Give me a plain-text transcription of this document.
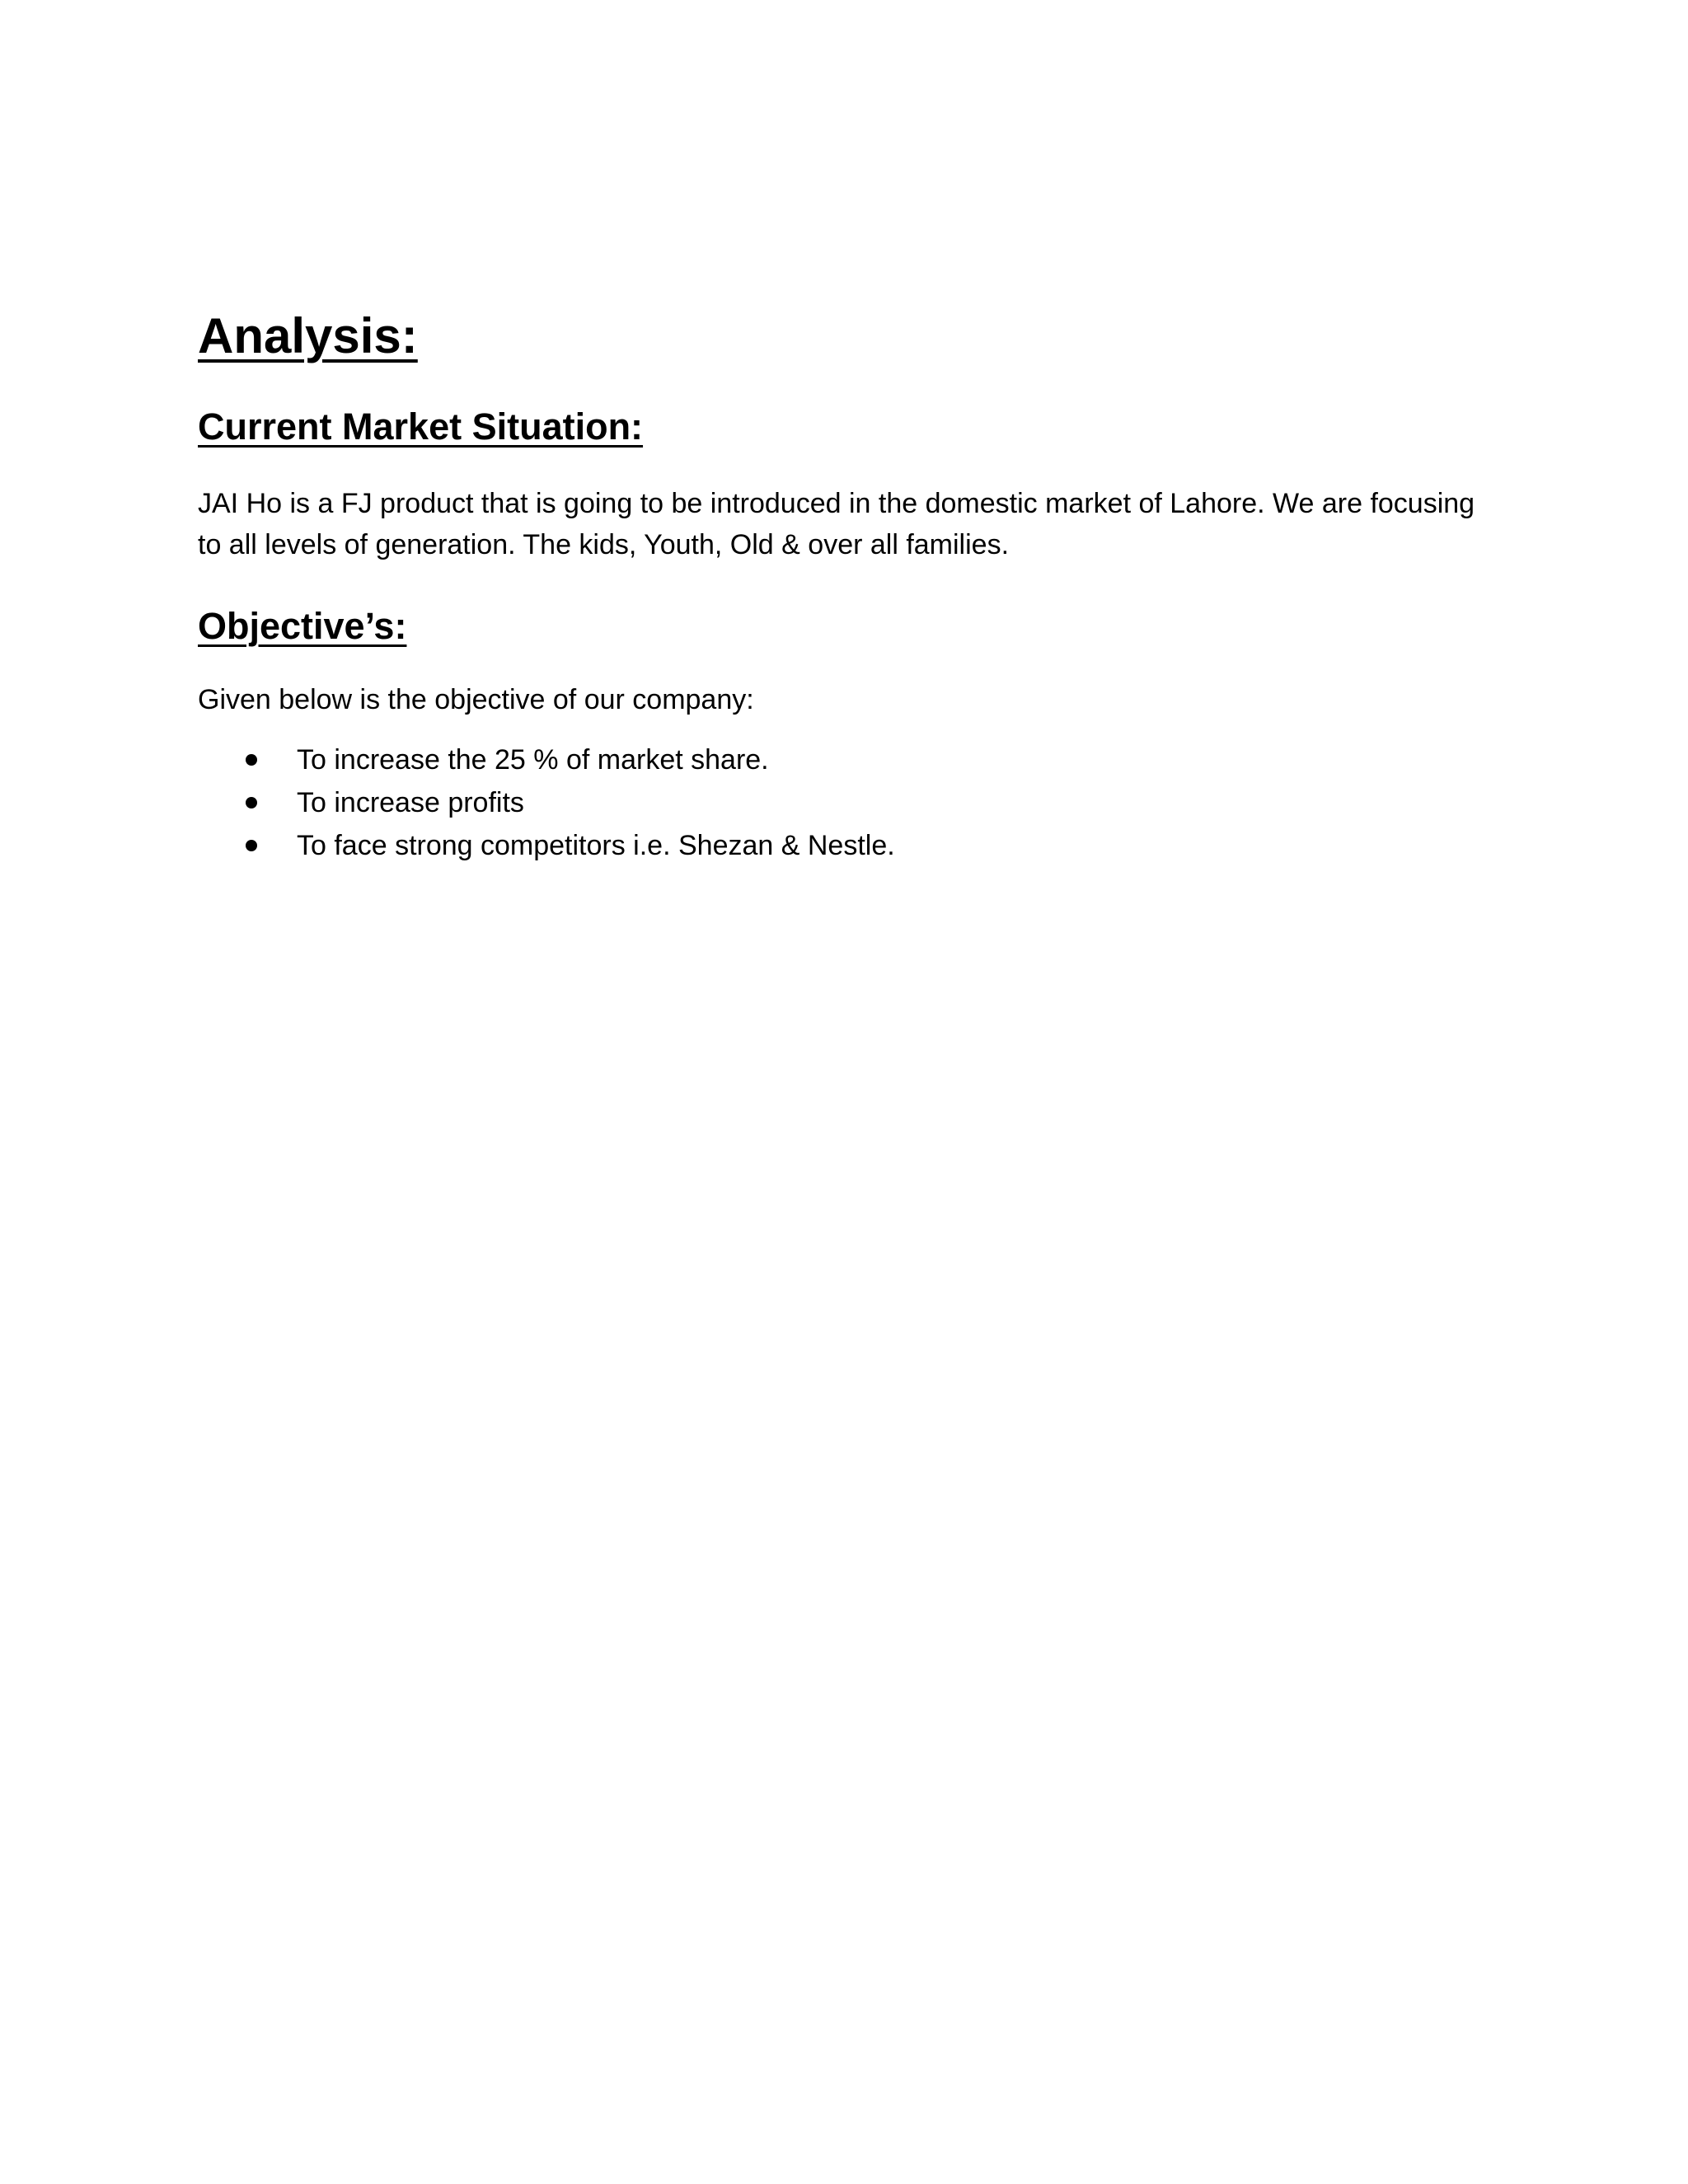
Analysis:
Current Market Situation:

JAI Ho is a FJ product that is going to be introduced in the domestic market of Lahore. We are focusing to all levels of generation. The kids, Youth, Old & over all families.

Objective’s:

Given below is the objective of our company:

To increase the 25 % of market share.
To increase profits
To face strong competitors i.e. Shezan & Nestle.
